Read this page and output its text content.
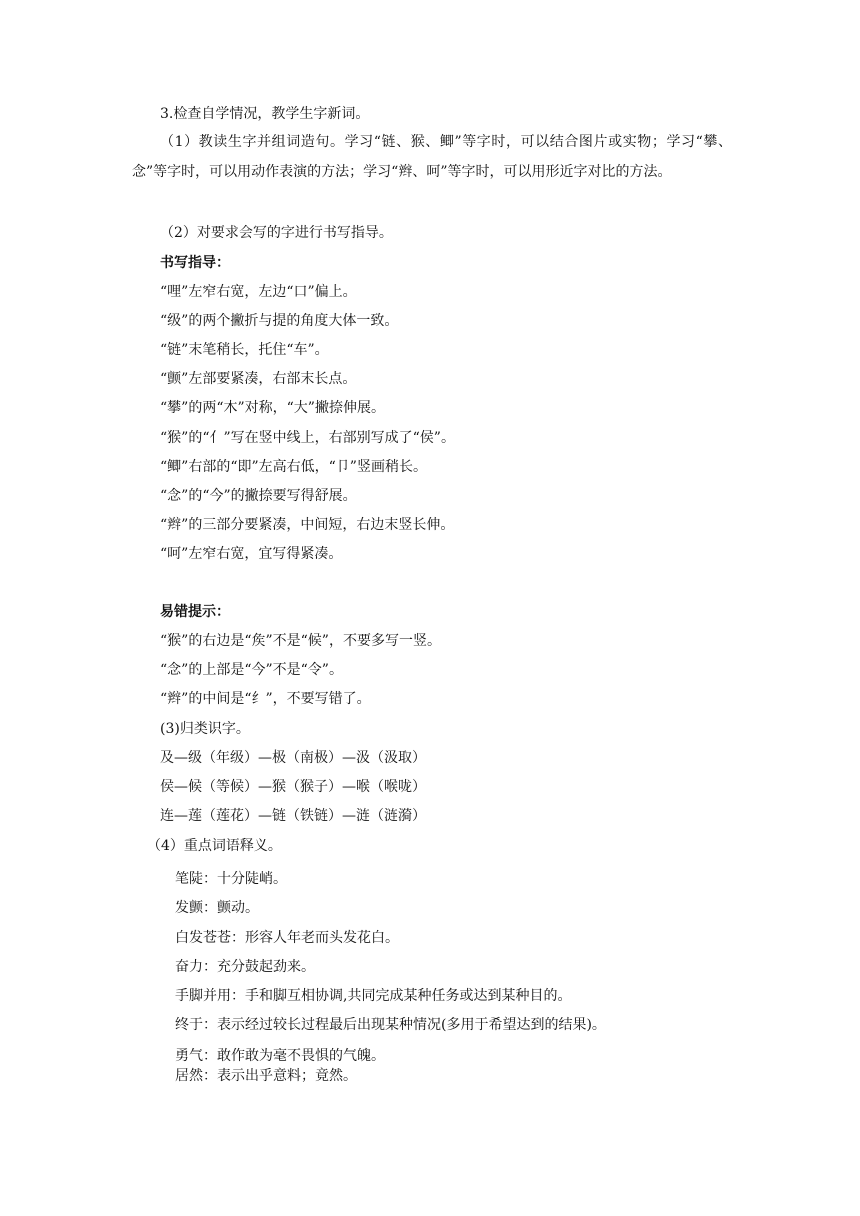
3.检查自学情况，教学生字新词。
（1）教读生字并组词造句。学习“链、猴、鲫”等字时，可以结合图片或实物；学习“攀、念”等字时，可以用动作表演的方法；学习“辫、呵”等字时，可以用形近字对比的方法。
（2）对要求会写的字进行书写指导。
书写指导：
“哩”左窄右宽，左边“口”偏上。
“级”的两个撇折与提的角度大体一致。
“链”末笔稍长，托住“车”。
“颤”左部要紧凑，右部末长点。
“攀”的两“木”对称，“大”撇捺伸展。
“猴”的“亻”写在竖中线上，右部别写成了“侯”。
“鲫”右部的“即”左高右低，“卩”竖画稍长。
“念”的“今”的撇捺要写得舒展。
“辫”的三部分要紧凑，中间短，右边末竖长伸。
“呵”左窄右宽，宜写得紧凑。
易错提示：
“猴”的右边是“矦”不是“候”，不要多写一竖。
“念”的上部是“今”不是“令”。
“辫”的中间是“纟”，不要写错了。
(3)归类识字。
及—级（年级）—极（南极）—汲（汲取）
侯—候（等候）—猴（猴子）—喉（喉咙）
连—莲（莲花）—链（铁链）—涟（涟漪）
（4）重点词语释义。
笔陡：十分陡峭。
发颤：颤动。
白发苍苍：形容人年老而头发花白。
奋力：充分鼓起劲来。
手脚并用：手和脚互相协调,共同完成某种任务或达到某种目的。
终于：表示经过较长过程最后出现某种情况(多用于希望达到的结果)。
勇气：敢作敢为毫不畏惧的气魄。
居然：表示出乎意料；竟然。
